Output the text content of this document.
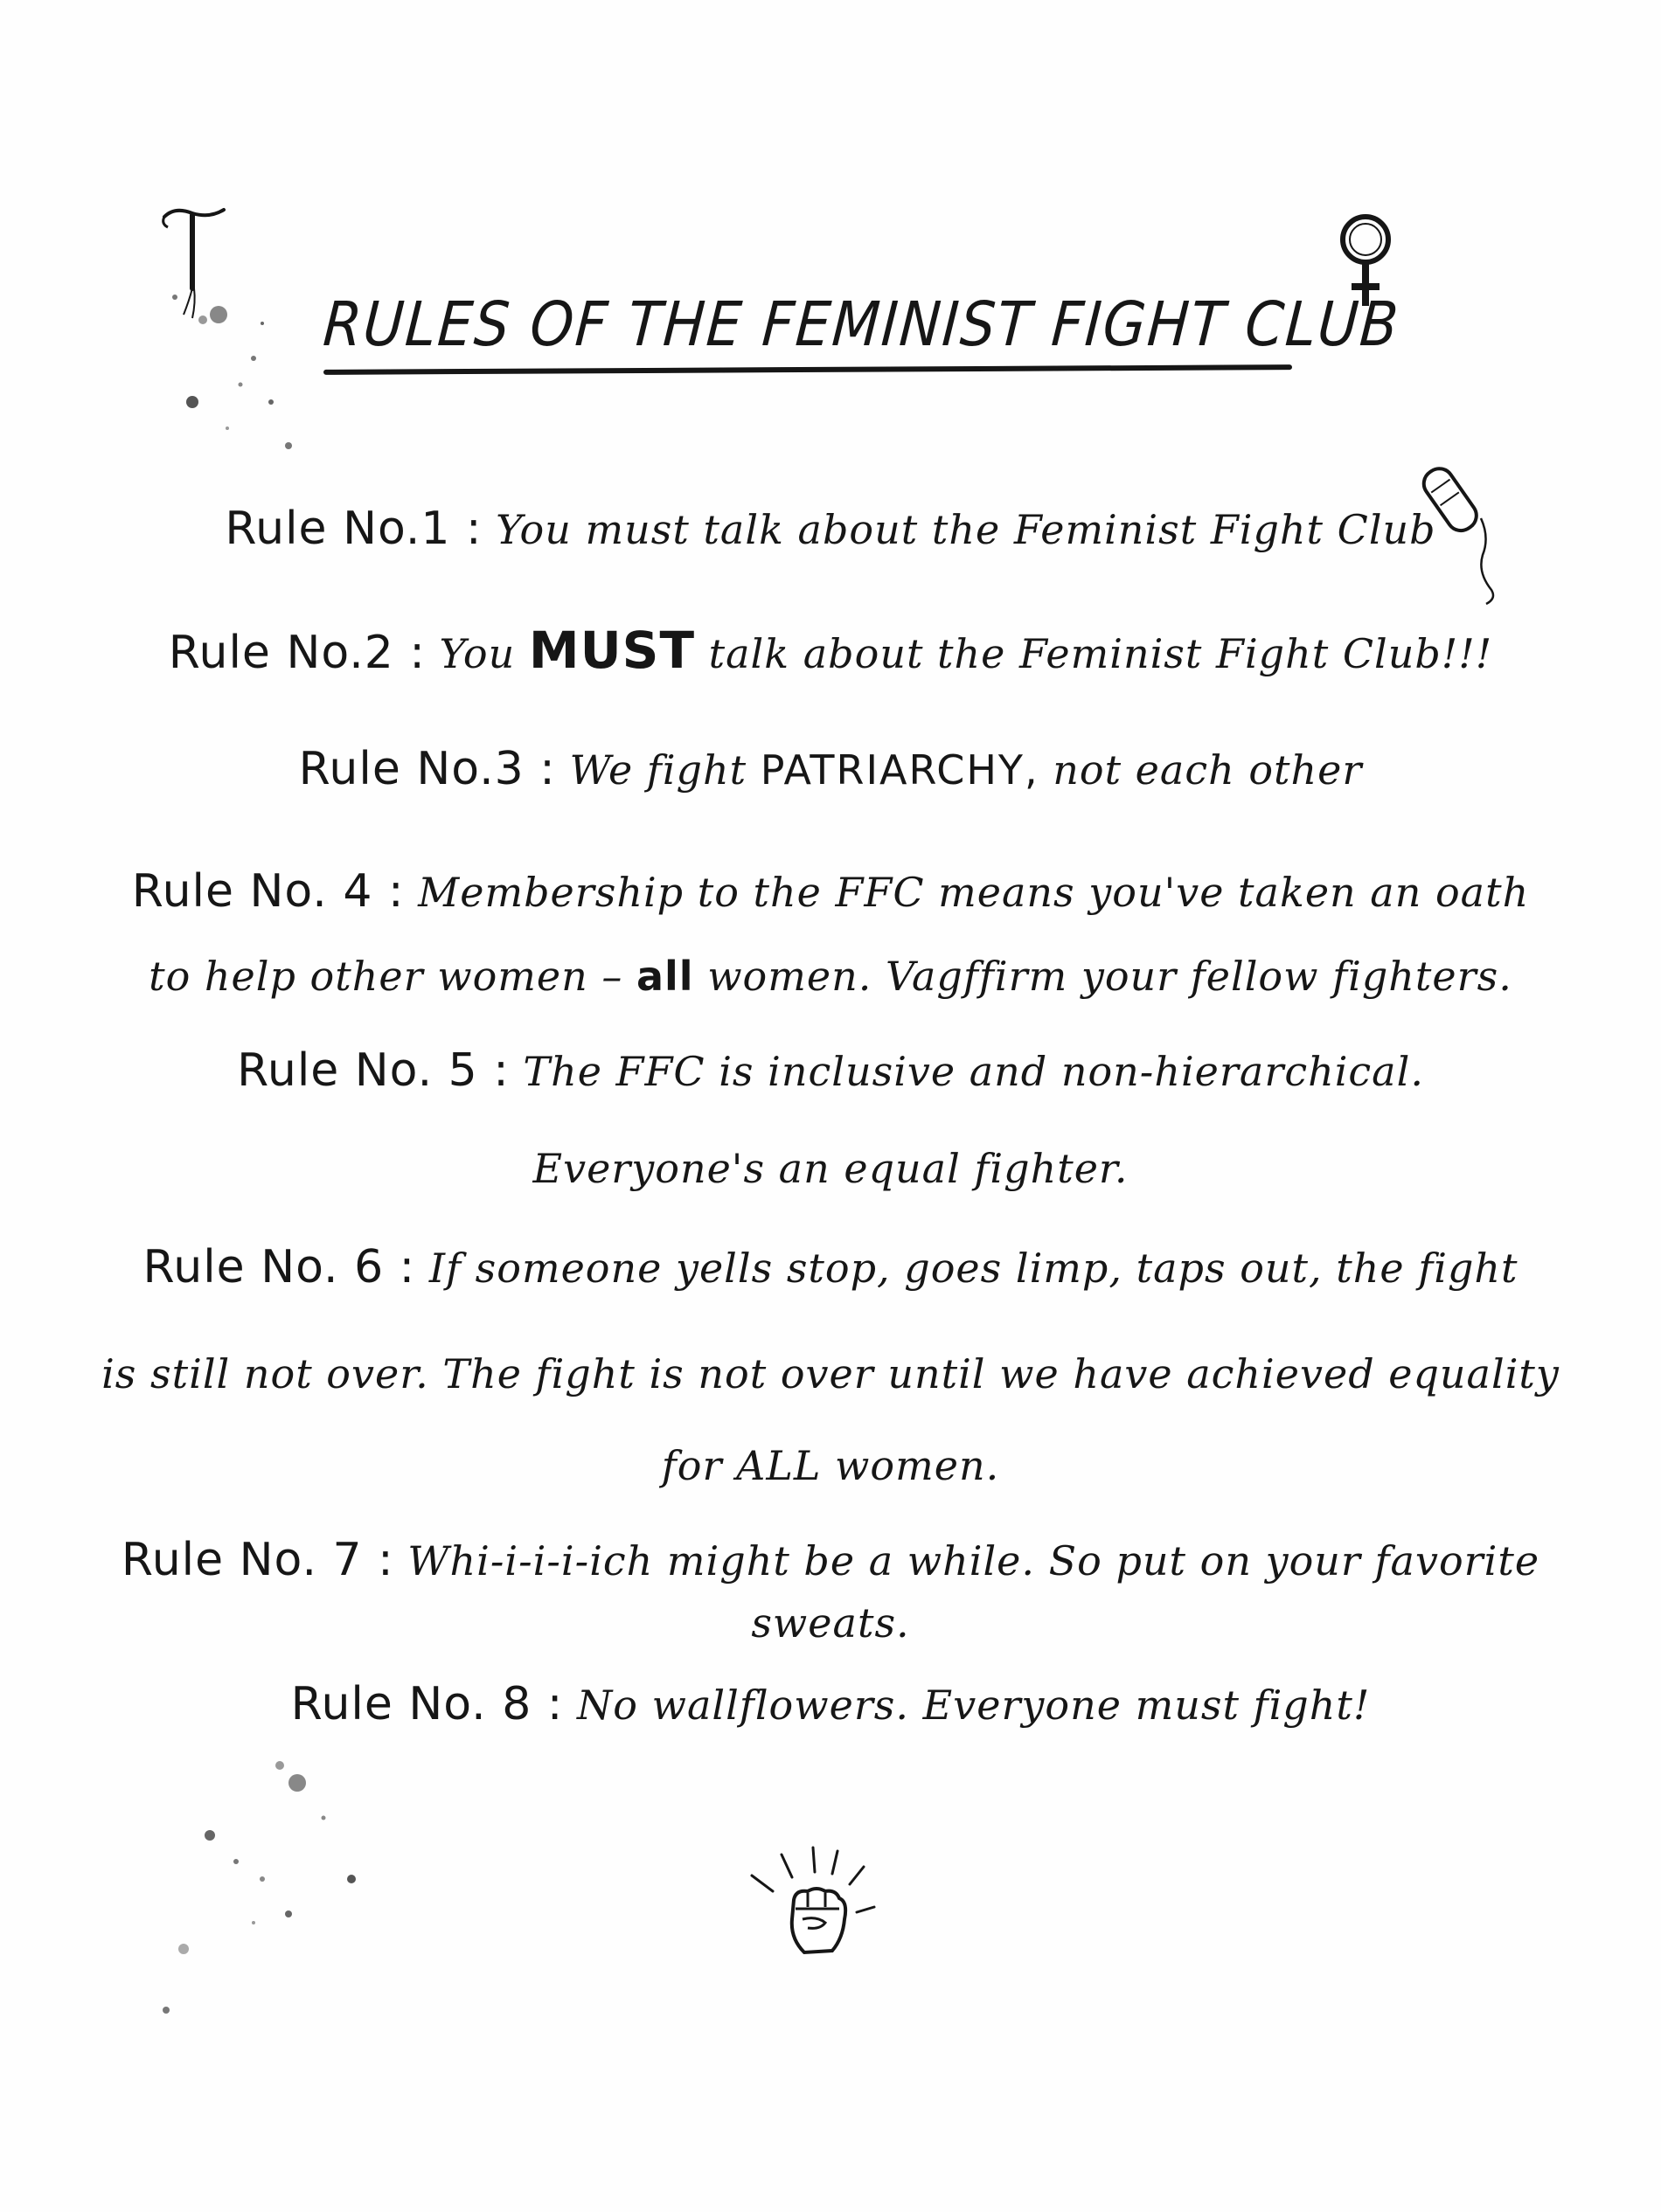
RULES OF THE FEMINIST FIGHT CLUB
Rule No.1 : You must talk about the Feminist Fight Club
Rule No.2 : You MUST talk about the Feminist Fight Club!!!
Rule No.3 : We fight PATRIARCHY, not each other
Rule No. 4 : Membership to the FFC means you've taken an oath
to help other women – all women. Vagffirm your fellow fighters.
Rule No. 5 : The FFC is inclusive and non-hierarchical.
Everyone's an equal fighter.
Rule No. 6 : If someone yells stop, goes limp, taps out, the fight
is still not over. The fight is not over until we have achieved equality
for ALL women.
Rule No. 7 : Whi-i-i-i-ich might be a while. So put on your favorite
sweats.
Rule No. 8 : No wallflowers. Everyone must fight!
